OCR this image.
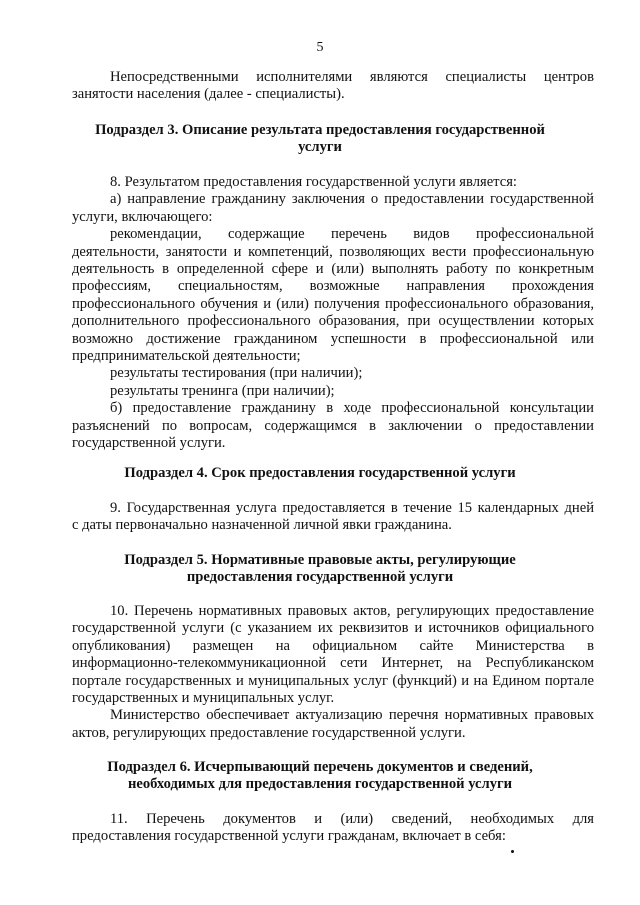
5
Непосредственными исполнителями являются специалисты центров
занятости населения (далее - специалисты).
Подраздел 3. Описание результата предоставления государственной
услуги
8. Результатом предоставления государственной услуги является:
а) направление гражданину заключения о предоставлении государственной
услуги, включающего:
рекомендации, содержащие перечень видов профессиональной
деятельности, занятости и компетенций, позволяющих вести профессиональную
деятельность в определенной сфере и (или) выполнять работу по конкретным
профессиям, специальностям, возможные направления прохождения
профессионального обучения и (или) получения профессионального образования,
дополнительного профессионального образования, при осуществлении которых
возможно достижение гражданином успешности в профессиональной или
предпринимательской деятельности;
результаты тестирования (при наличии);
результаты тренинга (при наличии);
б) предоставление гражданину в ходе профессиональной консультации
разъяснений по вопросам, содержащимся в заключении о предоставлении
государственной услуги.
Подраздел 4. Срок предоставления государственной услуги
9. Государственная услуга предоставляется в течение 15 календарных дней
с даты первоначально назначенной личной явки гражданина.
Подраздел 5. Нормативные правовые акты, регулирующие
предоставления государственной услуги
10. Перечень нормативных правовых актов, регулирующих предоставление
государственной услуги (с указанием их реквизитов и источников официального
опубликования) размещен на официальном сайте Министерства в
информационно-телекоммуникационной сети Интернет, на Республиканском
портале государственных и муниципальных услуг (функций) и на Едином портале
государственных и муниципальных услуг.
Министерство обеспечивает актуализацию перечня нормативных правовых
актов, регулирующих предоставление государственной услуги.
Подраздел 6. Исчерпывающий перечень документов и сведений,
необходимых для предоставления государственной услуги
11. Перечень документов и (или) сведений, необходимых для
предоставления государственной услуги гражданам, включает в себя:
